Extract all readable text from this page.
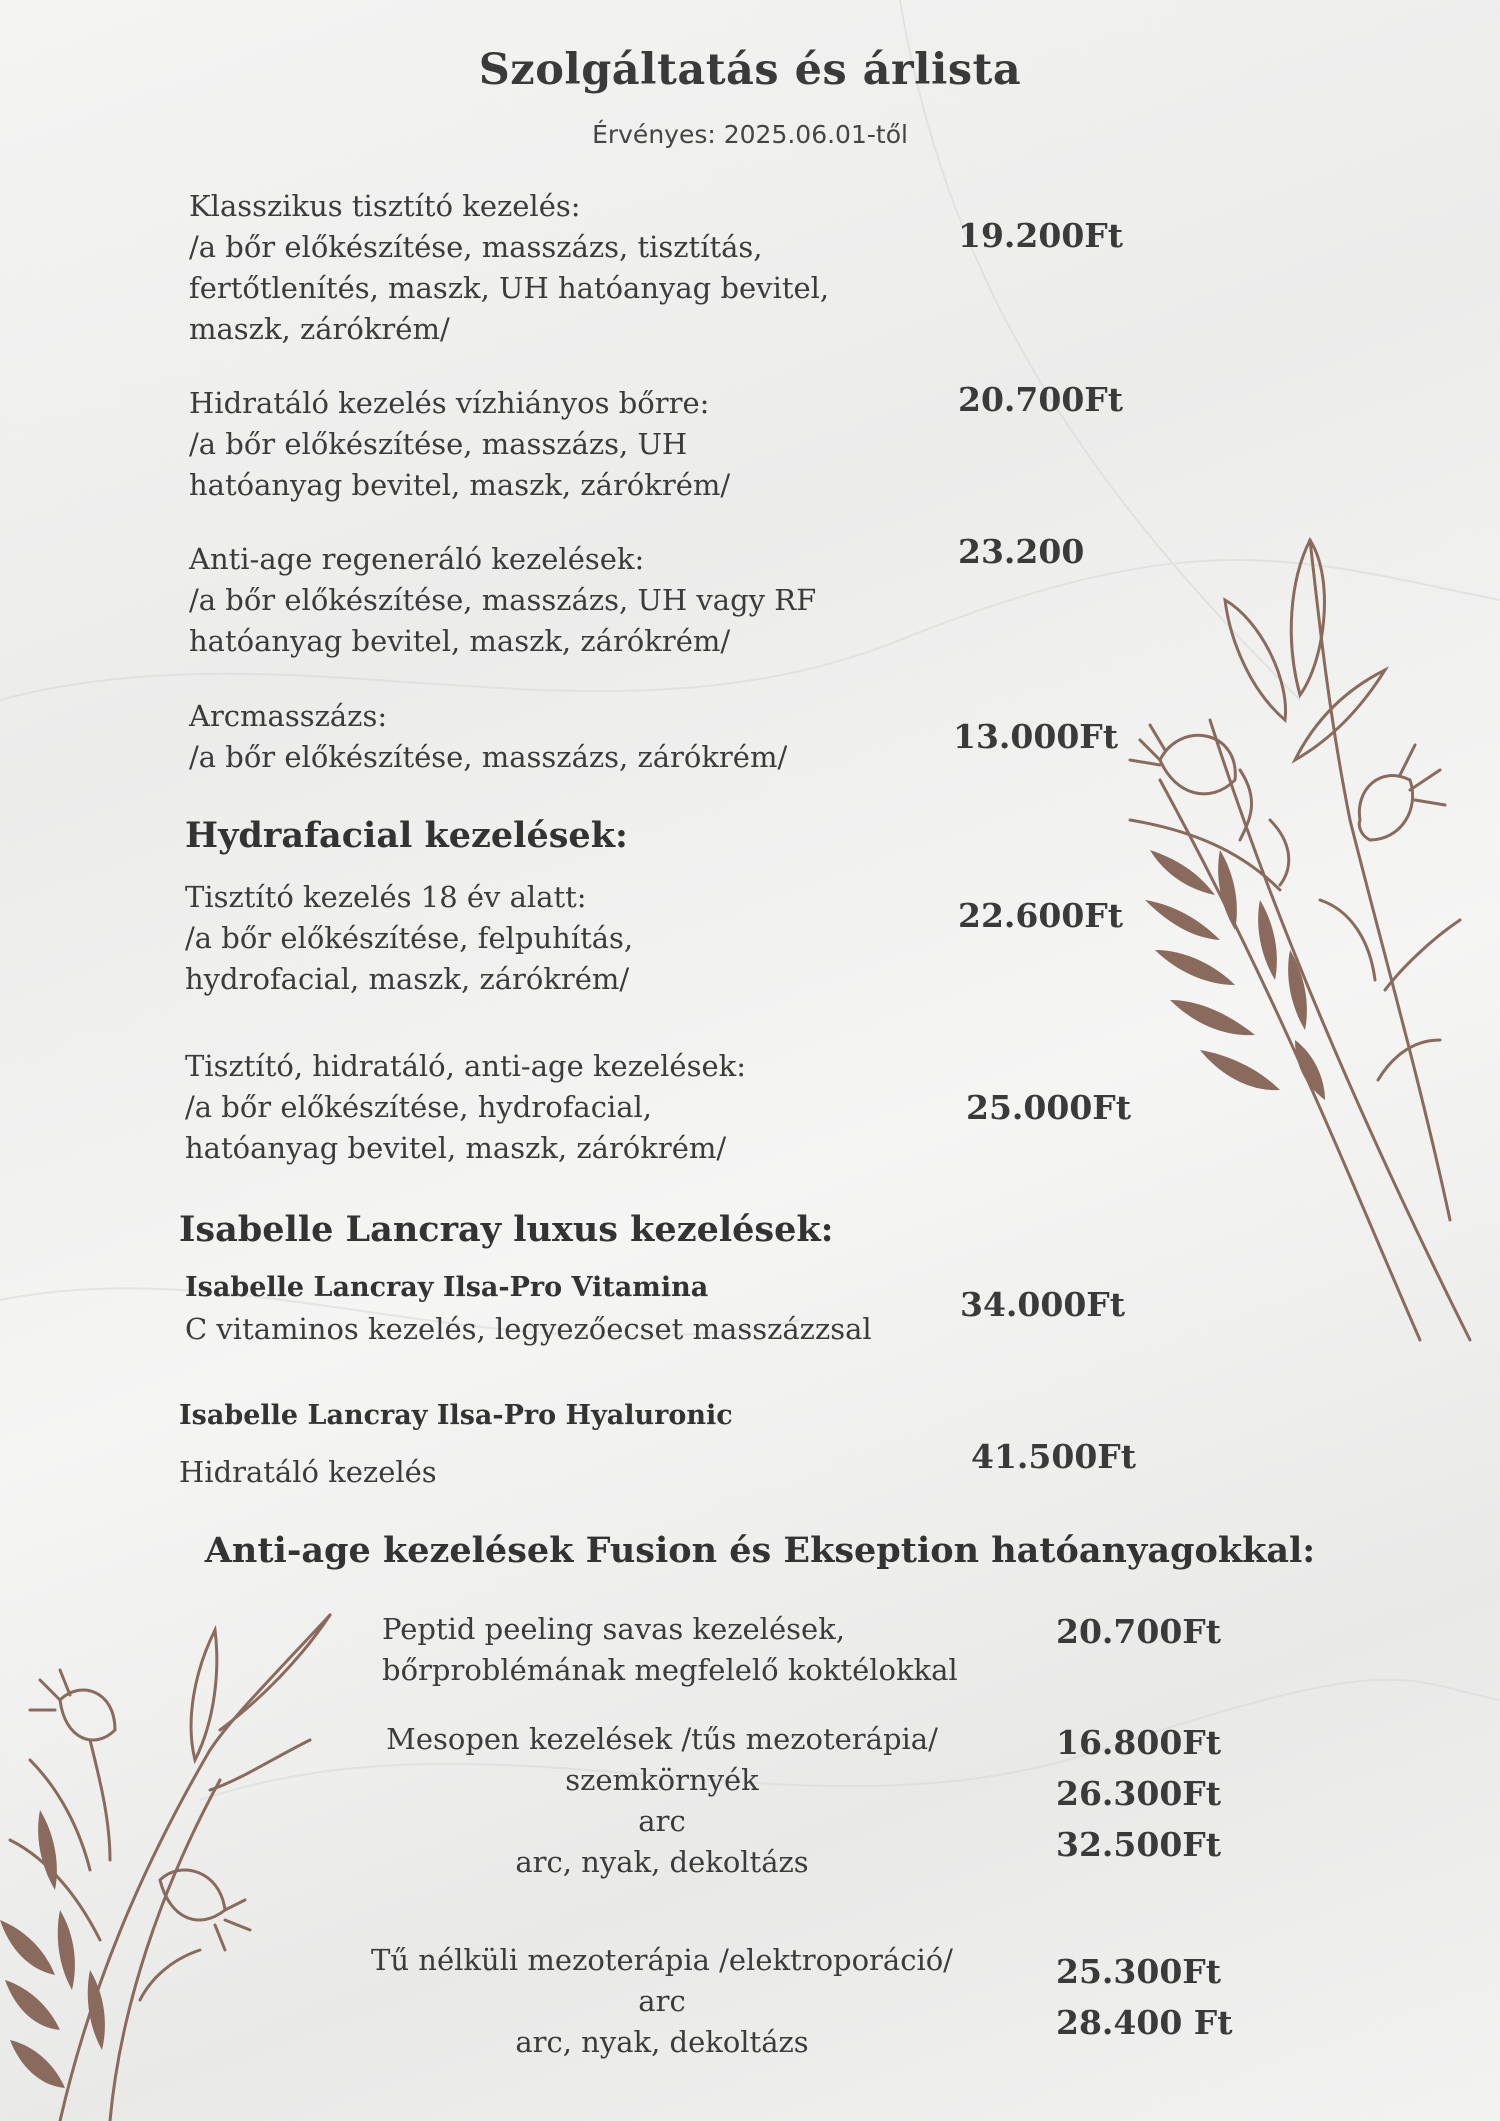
Szolgáltatás és árlista
Érvényes: 2025.06.01-től
Klasszikus tisztító kezelés:
/a bőr előkészítése, masszázs, tisztítás,
fertőtlenítés, maszk, UH hatóanyag bevitel,
maszk, zárókrém/
19.200Ft
Hidratáló kezelés vízhiányos bőrre:
/a bőr előkészítése, masszázs, UH
hatóanyag bevitel, maszk, zárókrém/
20.700Ft
Anti-age regeneráló kezelések:
/a bőr előkészítése, masszázs, UH vagy RF
hatóanyag bevitel, maszk, zárókrém/
23.200
Arcmasszázs:
/a bőr előkészítése, masszázs, zárókrém/
13.000Ft
Hydrafacial kezelések:
Tisztító kezelés 18 év alatt:
/a bőr előkészítése, felpuhítás,
hydrofacial, maszk, zárókrém/
22.600Ft
Tisztító, hidratáló, anti-age kezelések:
/a bőr előkészítése, hydrofacial,
hatóanyag bevitel, maszk, zárókrém/
25.000Ft
Isabelle Lancray luxus kezelések:
Isabelle Lancray Ilsa-Pro Vitamina
C vitaminos kezelés, legyezőecset masszázzsal
34.000Ft
Isabelle Lancray Ilsa-Pro Hyaluronic
Hidratáló kezelés	41.500Ft
Anti-age kezelések Fusion és Ekseption hatóanyagokkal:
Peptid peeling savas kezelések,
bőrproblémának megfelelő koktélokkal
20.700Ft
Mesopen kezelések /tűs mezoterápia/
szemkörnyék
arc
arc, nyak, dekoltázs
16.800Ft
26.300Ft
32.500Ft
Tű nélküli mezoterápia /elektroporáció/
arc
arc, nyak, dekoltázs
25.300Ft
28.400 Ft
